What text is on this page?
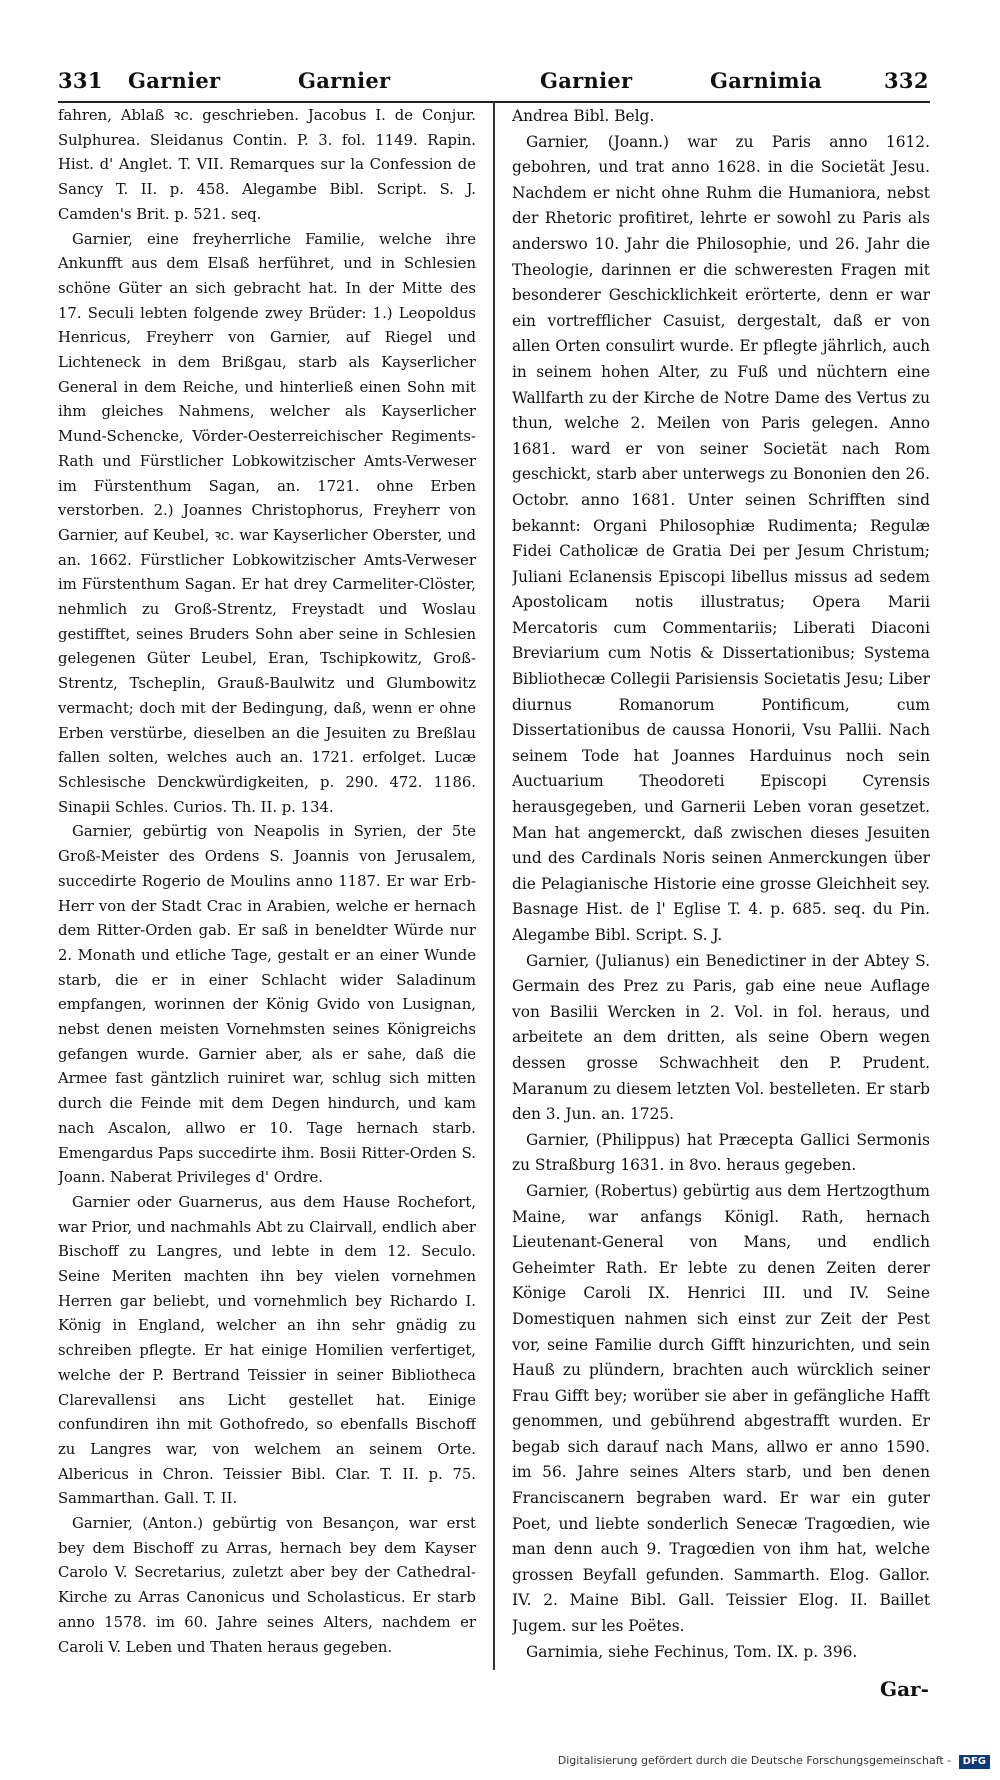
331 Garnier	Garnier	Garnier	Garnimia	332

fahren, Ablaß ꝛc. geschrieben. Jacobus I. de Conjur. Sulphurea. Sleidanus Contin. P. 3. fol. 1149. Rapin. Hist. d' Anglet. T. VII. Remarques sur la Confession de Sancy T. II. p. 458. Alegambe Bibl. Script. S. J. Camden's Brit. p. 521. seq.

Garnier, eine freyherrliche Familie, welche ihre Ankunfft aus dem Elsaß herführet, und in Schlesien schöne Güter an sich gebracht hat. In der Mitte des 17. Seculi lebten folgende zwey Brüder: 1.) Leopoldus Henricus, Freyherr von Garnier, auf Riegel und Lichteneck in dem Brißgau, starb als Kayserlicher General in dem Reiche, und hinterließ einen Sohn mit ihm gleiches Nahmens, welcher als Kayserlicher Mund-Schencke, Vörder-Oesterreichischer Regiments-Rath und Fürstlicher Lobkowitzischer Amts-Verweser im Fürstenthum Sagan, an. 1721. ohne Erben verstorben. 2.) Joannes Christophorus, Freyherr von Garnier, auf Keubel, ꝛc. war Kayserlicher Oberster, und an. 1662. Fürstlicher Lobkowitzischer Amts-Verweser im Fürstenthum Sagan. Er hat drey Carmeliter-Clöster, nehmlich zu Groß-Strentz, Freystadt und Woslau gestifftet, seines Bruders Sohn aber seine in Schlesien gelegenen Güter Leubel, Eran, Tschipkowitz, Groß-Strentz, Tscheplin, Grauß-Baulwitz und Glumbowitz vermacht; doch mit der Bedingung, daß, wenn er ohne Erben verstürbe, dieselben an die Jesuiten zu Breßlau fallen solten, welches auch an. 1721. erfolget. Lucæ Schlesische Denckwürdigkeiten, p. 290. 472. 1186. Sinapii Schles. Curios. Th. II. p. 134.

Garnier, gebürtig von Neapolis in Syrien, der 5te Groß-Meister des Ordens S. Joannis von Jerusalem, succedirte Rogerio de Moulins anno 1187. Er war Erb-Herr von der Stadt Crac in Arabien, welche er hernach dem Ritter-Orden gab. Er saß in beneldter Würde nur 2. Monath und etliche Tage, gestalt er an einer Wunde starb, die er in einer Schlacht wider Saladinum empfangen, worinnen der König Gvido von Lusignan, nebst denen meisten Vornehmsten seines Königreichs gefangen wurde. Garnier aber, als er sahe, daß die Armee fast gäntzlich ruiniret war, schlug sich mitten durch die Feinde mit dem Degen hindurch, und kam nach Ascalon, allwo er 10. Tage hernach starb. Emengardus Paps succedirte ihm. Bosii Ritter-Orden S. Joann. Naberat Privileges d' Ordre.

Garnier oder Guarnerus, aus dem Hause Rochefort, war Prior, und nachmahls Abt zu Clairvall, endlich aber Bischoff zu Langres, und lebte in dem 12. Seculo. Seine Meriten machten ihn bey vielen vornehmen Herren gar beliebt, und vornehmlich bey Richardo I. König in England, welcher an ihn sehr gnädig zu schreiben pflegte. Er hat einige Homilien verfertiget, welche der P. Bertrand Teissier in seiner Bibliotheca Clarevallensi ans Licht gestellet hat. Einige confundiren ihn mit Gothofredo, so ebenfalls Bischoff zu Langres war, von welchem an seinem Orte. Albericus in Chron. Teissier Bibl. Clar. T. II. p. 75. Sammarthan. Gall. T. II.

Garnier, (Anton.) gebürtig von Besançon, war erst bey dem Bischoff zu Arras, hernach bey dem Kayser Carolo V. Secretarius, zuletzt aber bey der Cathedral-Kirche zu Arras Canonicus und Scholasticus. Er starb anno 1578. im 60. Jahre seines Alters, nachdem er Caroli V. Leben und Thaten heraus gegeben.

Andrea Bibl. Belg.

Garnier, (Joann.) war zu Paris anno 1612. gebohren, und trat anno 1628. in die Societät Jesu. Nachdem er nicht ohne Ruhm die Humaniora, nebst der Rhetoric profitiret, lehrte er sowohl zu Paris als anderswo 10. Jahr die Philosophie, und 26. Jahr die Theologie, darinnen er die schweresten Fragen mit besonderer Geschicklichkeit erörterte, denn er war ein vortrefflicher Casuist, dergestalt, daß er von allen Orten consulirt wurde. Er pflegte jährlich, auch in seinem hohen Alter, zu Fuß und nüchtern eine Wallfarth zu der Kirche de Notre Dame des Vertus zu thun, welche 2. Meilen von Paris gelegen. Anno 1681. ward er von seiner Societät nach Rom geschickt, starb aber unterwegs zu Bononien den 26. Octobr. anno 1681. Unter seinen Schrifften sind bekannt: Organi Philosophiæ Rudimenta; Regulæ Fidei Catholicæ de Gratia Dei per Jesum Christum; Juliani Eclanensis Episcopi libellus missus ad sedem Apostolicam notis illustratus; Opera Marii Mercatoris cum Commentariis; Liberati Diaconi Breviarium cum Notis & Dissertationibus; Systema Bibliothecæ Collegii Parisiensis Societatis Jesu; Liber diurnus Romanorum Pontificum, cum Dissertationibus de caussa Honorii, Vsu Pallii. Nach seinem Tode hat Joannes Harduinus noch sein Auctuarium Theodoreti Episcopi Cyrensis herausgegeben, und Garnerii Leben voran gesetzet. Man hat angemerckt, daß zwischen dieses Jesuiten und des Cardinals Noris seinen Anmerckungen über die Pelagianische Historie eine grosse Gleichheit sey. Basnage Hist. de l' Eglise T. 4. p. 685. seq. du Pin. Alegambe Bibl. Script. S. J.

Garnier, (Julianus) ein Benedictiner in der Abtey S. Germain des Prez zu Paris, gab eine neue Auflage von Basilii Wercken in 2. Vol. in fol. heraus, und arbeitete an dem dritten, als seine Obern wegen dessen grosse Schwachheit den P. Prudent. Maranum zu diesem letzten Vol. bestelleten. Er starb den 3. Jun. an. 1725.

Garnier, (Philippus) hat Præcepta Gallici Sermonis zu Straßburg 1631. in 8vo. heraus gegeben.

Garnier, (Robertus) gebürtig aus dem Hertzogthum Maine, war anfangs Königl. Rath, hernach Lieutenant-General von Mans, und endlich Geheimter Rath. Er lebte zu denen Zeiten derer Könige Caroli IX. Henrici III. und IV. Seine Domestiquen nahmen sich einst zur Zeit der Pest vor, seine Familie durch Gifft hinzurichten, und sein Hauß zu plündern, brachten auch würcklich seiner Frau Gifft bey; worüber sie aber in gefängliche Hafft genommen, und gebührend abgestrafft wurden. Er begab sich darauf nach Mans, allwo er anno 1590. im 56. Jahre seines Alters starb, und ben denen Franciscanern begraben ward. Er war ein guter Poet, und liebte sonderlich Senecæ Tragœdien, wie man denn auch 9. Tragœdien von ihm hat, welche grossen Beyfall gefunden. Sammarth. Elog. Gallor. IV. 2. Maine Bibl. Gall. Teissier Elog. II. Baillet Jugem. sur les Poëtes.

Garnimia, siehe Fechinus, Tom. IX. p. 396.

Gar-
Digitalisierung gefördert durch die Deutsche Forschungsgemeinschaft - DFG
